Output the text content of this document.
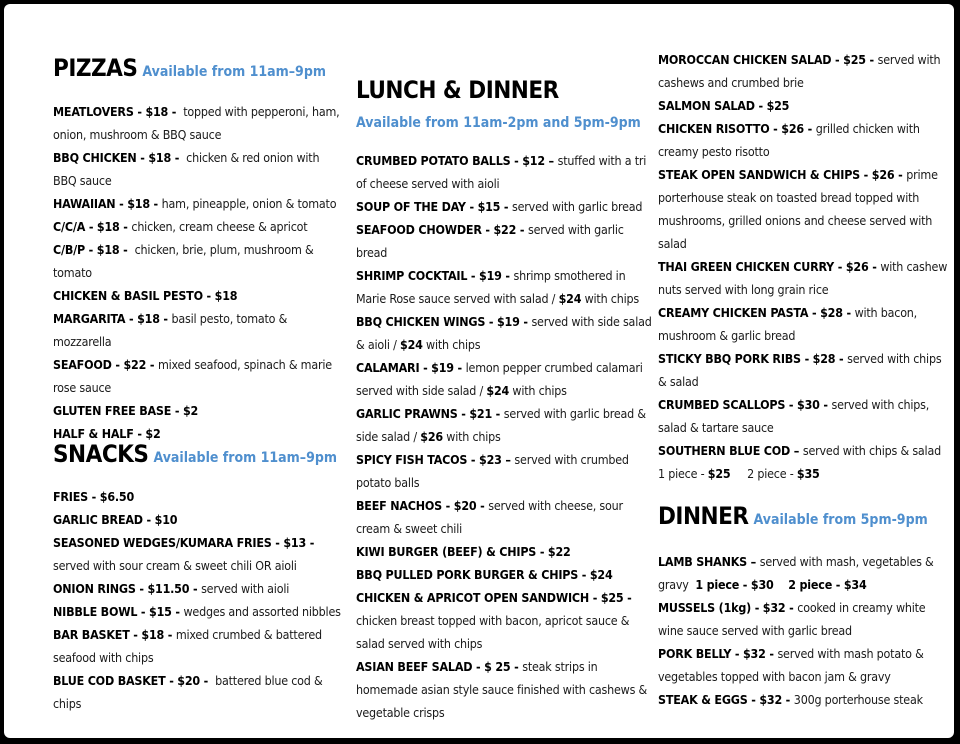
PIZZAS Available from 11am–9pm
MEATLOVERS - $18 -  topped with pepperoni, ham, onion, mushroom & BBQ sauce
BBQ CHICKEN - $18 -  chicken & red onion with BBQ sauce
HAWAIIAN - $18 - ham, pineapple, onion & tomato
C/C/A - $18 - chicken, cream cheese & apricot
C/B/P - $18 -  chicken, brie, plum, mushroom & tomato
CHICKEN & BASIL PESTO - $18
MARGARITA - $18 - basil pesto, tomato & mozzarella
SEAFOOD - $22 - mixed seafood, spinach & marie rose sauce
GLUTEN FREE BASE - $2
HALF & HALF - $2
SNACKS Available from 11am–9pm
FRIES - $6.50
GARLIC BREAD - $10
SEASONED WEDGES/KUMARA FRIES - $13 - served with sour cream & sweet chili OR aioli
ONION RINGS - $11.50 - served with aioli
NIBBLE BOWL - $15 - wedges and assorted nibbles
BAR BASKET - $18 - mixed crumbed & battered seafood with chips
BLUE COD BASKET - $20 -  battered blue cod & chips
LUNCH & DINNER
Available from 11am-2pm and 5pm-9pm
CRUMBED POTATO BALLS - $12 – stuffed with a tri of cheese served with aioli
SOUP OF THE DAY - $15 - served with garlic bread
SEAFOOD CHOWDER - $22 - served with garlic bread
SHRIMP COCKTAIL - $19 - shrimp smothered in Marie Rose sauce served with salad / $24 with chips
BBQ CHICKEN WINGS - $19 - served with side salad & aioli / $24 with chips
CALAMARI - $19 - lemon pepper crumbed calamari served with side salad / $24 with chips
GARLIC PRAWNS - $21 - served with garlic bread & side salad / $26 with chips
SPICY FISH TACOS - $23 – served with crumbed potato balls
BEEF NACHOS - $20 - served with cheese, sour cream & sweet chili
KIWI BURGER (BEEF) & CHIPS - $22
BBQ PULLED PORK BURGER & CHIPS - $24
CHICKEN & APRICOT OPEN SANDWICH - $25 - chicken breast topped with bacon, apricot sauce & salad served with chips
ASIAN BEEF SALAD - $ 25 - steak strips in homemade asian style sauce finished with cashews & vegetable crisps
MOROCCAN CHICKEN SALAD - $25 - served with cashews and crumbed brie
SALMON SALAD - $25
CHICKEN RISOTTO - $26 - grilled chicken with creamy pesto risotto
STEAK OPEN SANDWICH & CHIPS - $26 - prime porterhouse steak on toasted bread topped with mushrooms, grilled onions and cheese served with salad
THAI GREEN CHICKEN CURRY - $26 - with cashew nuts served with long grain rice
CREAMY CHICKEN PASTA - $28 - with bacon, mushroom & garlic bread
STICKY BBQ PORK RIBS - $28 - served with chips & salad
CRUMBED SCALLOPS - $30 - served with chips, salad & tartare sauce
SOUTHERN BLUE COD – served with chips & salad 1 piece - $25     2 piece - $35
DINNER Available from 5pm-9pm
LAMB SHANKS – served with mash, vegetables & gravy  1 piece - $30    2 piece - $34
MUSSELS (1kg) - $32 - cooked in creamy white wine sauce served with garlic bread
PORK BELLY - $32 - served with mash potato & vegetables topped with bacon jam & gravy
STEAK & EGGS - $32 - 300g porterhouse steak
